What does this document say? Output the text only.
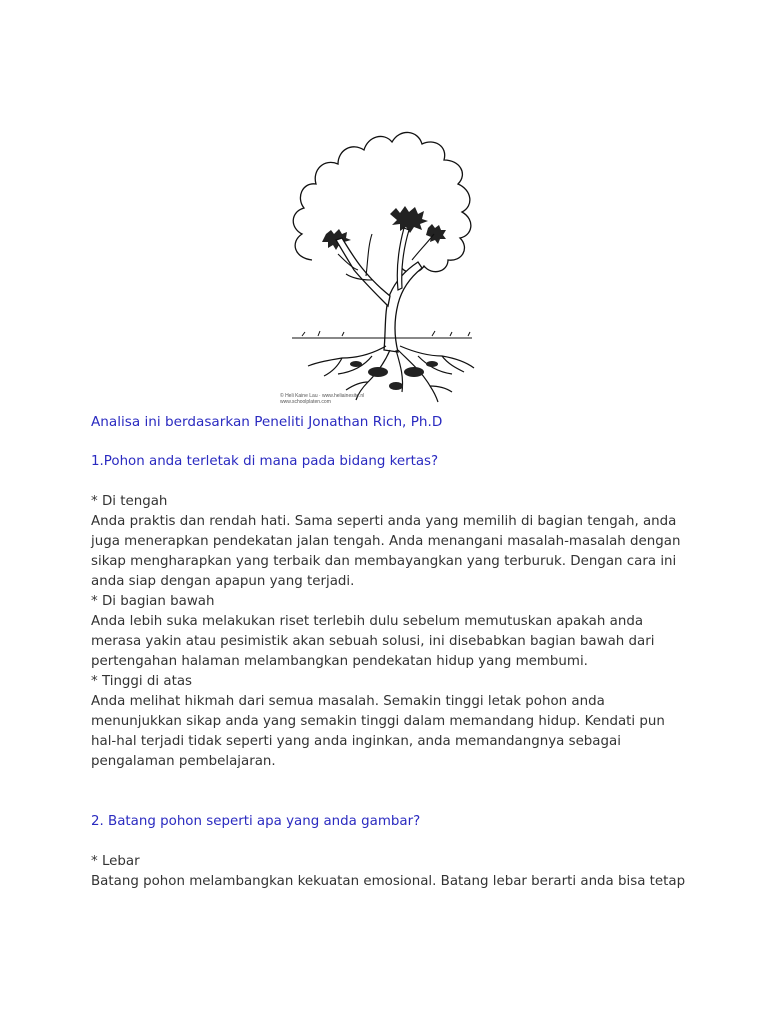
© Heli Kaine Lau · www.heliainesite.nl
www.schoolplaten.com

Analisa ini berdasarkan Peneliti Jonathan Rich, Ph.D

1.Pohon anda terletak di mana pada bidang kertas?

* Di tengah

Anda praktis dan rendah hati. Sama seperti anda yang memilih di bagian tengah, anda

juga menerapkan pendekatan jalan tengah. Anda menangani masalah-masalah dengan

sikap mengharapkan yang terbaik dan membayangkan yang terburuk. Dengan cara ini

anda siap dengan apapun yang terjadi.

* Di bagian bawah

Anda lebih suka melakukan riset terlebih dulu sebelum memutuskan apakah anda

merasa yakin atau pesimistik akan sebuah solusi, ini disebabkan bagian bawah dari

pertengahan halaman melambangkan pendekatan hidup yang membumi.

* Tinggi di atas

Anda melihat hikmah dari semua masalah. Semakin tinggi letak pohon anda

menunjukkan sikap anda yang semakin tinggi dalam memandang hidup. Kendati pun

hal-hal terjadi tidak seperti yang anda inginkan, anda memandangnya sebagai

pengalaman pembelajaran.

2. Batang pohon seperti apa yang anda gambar?

* Lebar

Batang pohon melambangkan kekuatan emosional. Batang lebar berarti anda bisa tetap
